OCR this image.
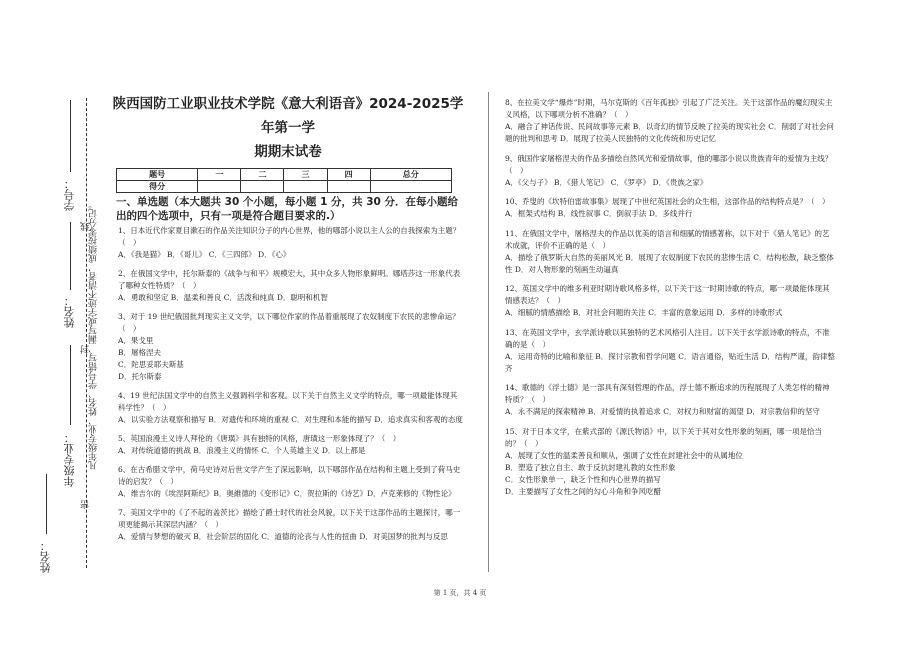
学号：
姓名：
年级专业：
姓名：
凡年级专业、姓名、学号错写、漏写或字迹不清者，成绩按零分记。
线
封
密
陕西国防工业职业技术学院《意大利语音》2024-2025学年第一学
期期末试卷
题号	一	二	三	四	总分
得分					
一、单选题（本大题共 30 个小题，每小题 1 分，共 30 分．在每小题给出的四个选项中，只有一项是符合题目要求的.）

1、日本近代作家夏目漱石的作品关注知识分子的内心世界，他的哪部小说以主人公的自我探索为主题？（　）

A．《我是猫》 B．《哥儿》 C．《三四郎》 D．《心》

2、在俄国文学中，托尔斯泰的《战争与和平》规模宏大，其中众多人物形象鲜明。娜塔莎这一形象代表了哪种女性特质？（　）

A．勇敢和坚定 B．温柔和善良 C．活泼和纯真 D．聪明和机智

3、对于 19 世纪俄国批判现实主义文学，以下哪位作家的作品着重展现了农奴制度下农民的悲惨命运？（　）

A．果戈里

B．屠格涅夫

C．陀思妥耶夫斯基

D．托尔斯泰

4、19 世纪法国文学中的自然主义强调科学和客观。以下关于自然主义文学的特点，哪一项最能体现其科学性？（　）

A．以实验方法观察和描写 B．对遗传和环境的重视 C．对生理和本能的描写 D．追求真实和客观的态度

5、英国浪漫主义诗人拜伦的《唐璜》具有独特的风格，唐璜这一形象体现了？（　）

A．对传统道德的挑战 B．浪漫主义的情怀 C．个人英雄主义 D．以上都是

6、在古希腊文学中，荷马史诗对后世文学产生了深远影响，以下哪部作品在结构和主题上受到了荷马史诗的启发？（　）

A．维吉尔的《埃涅阿斯纪》B．奥維德的《变形记》C．贺拉斯的《诗艺》D．卢克莱修的《物性论》

7、美国文学中的《了不起的盖茨比》描绘了爵士时代的社会风貌，以下关于这部作品的主题探讨，哪一项更能揭示其深层内涵？（　）

A．爱情与梦想的破灭 B．社会阶层的固化 C．道德的沦丧与人性的扭曲 D．对美国梦的批判与反思

8、在拉美文学“爆炸”时期，马尔克斯的《百年孤独》引起了广泛关注。关于这部作品的魔幻现实主义风格，以下哪项分析不准确？（　）

A．融合了神话传说、民间故事等元素 B．以奇幻的情节反映了拉美的现实社会 C．削弱了对社会问题的批判和思考 D．展现了拉美人民独特的文化传统和历史记忆

9、俄国作家屠格涅夫的作品多描绘自然风光和爱情故事，他的哪部小说以贵族青年的爱情为主线？（　）

A．《父与子》 B．《猎人笔记》 C．《罗亭》 D．《贵族之家》

10、乔叟的《坎特伯雷故事集》展现了中世纪英国社会的众生相，这部作品的结构特点是？（　）

A．框架式结构 B．线性叙事 C．倒叙手法 D．多线并行

11、在俄国文学中，屠格涅夫的作品以优美的语言和细腻的情感著称，以下对于《猎人笔记》的艺术成就，评价不正确的是（　）

A．描绘了俄罗斯大自然的美丽风光 B．展现了农奴制度下农民的悲惨生活 C．结构松散，缺乏整体性 D．对人物形象的刻画生动逼真

12、英国文学中的维多利亚时期诗歌风格多样，以下关于这一时期诗歌的特点，哪一项最能体现其情感表达？（　）

A．细腻的情感描绘 B．对社会问题的关注 C．丰富的意象运用 D．多样的诗歌形式

13、在英国文学中，玄学派诗歌以其独特的艺术风格引人注目。以下关于玄学派诗歌的特点，不准确的是（　）

A．运用奇特的比喻和象征 B．探讨宗教和哲学问题 C．语言通俗，贴近生活 D．结构严谨，韵律整齐

14、歌德的《浮士德》是一部具有深刻哲理的作品，浮士德不断追求的历程展现了人类怎样的精神特质？（　）

A．永不满足的探索精神 B．对爱情的执着追求 C．对权力和财富的渴望 D．对宗教信仰的坚守

15、对于日本文学，在紫式部的《源氏物语》中，以下关于其对女性形象的刻画，哪一项是恰当的？（　）

A．展现了女性的温柔善良和顺从，强调了女性在封建社会中的从属地位

B．塑造了独立自主、敢于反抗封建礼教的女性形象

C．女性形象单一，缺乏个性和内心世界的描写

D．主要描写了女性之间的勾心斗角和争风吃醋

第 1 页，共 4 页
